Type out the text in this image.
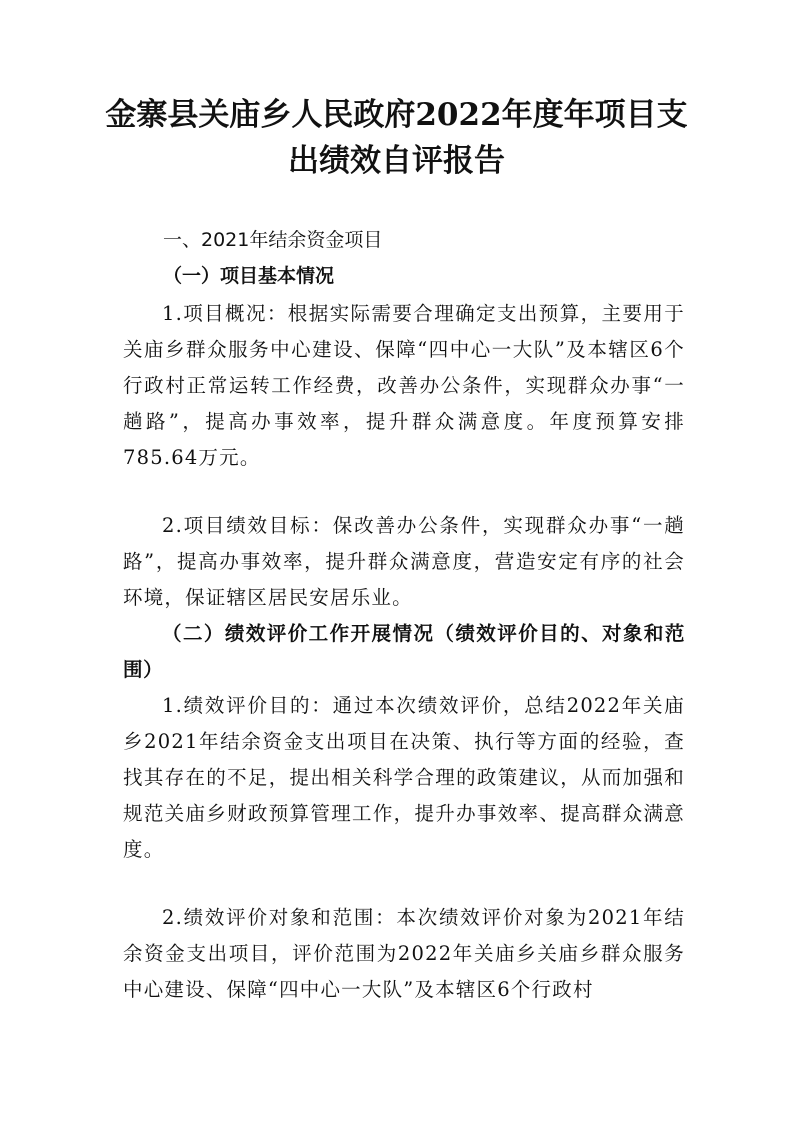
金寨县关庙乡人民政府2022年度年项目支出绩效自评报告

一、2021年结余资金项目

（一）项目基本情况

1.项目概况：根据实际需要合理确定支出预算，主要用于关庙乡群众服务中心建设、保障“四中心一大队”及本辖区6个行政村正常运转工作经费，改善办公条件，实现群众办事“一趟路”，提高办事效率，提升群众满意度。年度预算安排785.64万元。

2.项目绩效目标：保改善办公条件，实现群众办事“一趟路”，提高办事效率，提升群众满意度，营造安定有序的社会环境，保证辖区居民安居乐业。

（二）绩效评价工作开展情况（绩效评价目的、对象和范围）

1.绩效评价目的：通过本次绩效评价，总结2022年关庙乡2021年结余资金支出项目在决策、执行等方面的经验，查找其存在的不足，提出相关科学合理的政策建议，从而加强和规范关庙乡财政预算管理工作，提升办事效率、提高群众满意度。

2.绩效评价对象和范围：本次绩效评价对象为2021年结余资金支出项目，评价范围为2022年关庙乡关庙乡群众服务中心建设、保障“四中心一大队”及本辖区6个行政村
